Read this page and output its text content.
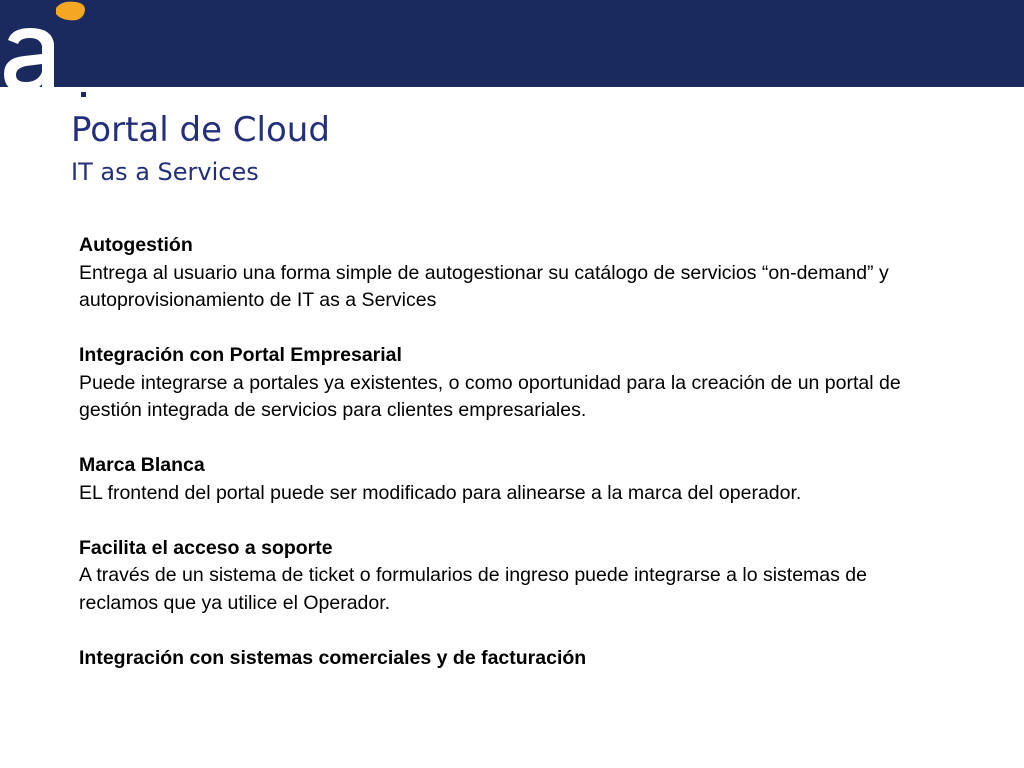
Portal de Cloud
IT as a Services
Autogestión
Entrega al usuario una forma simple de autogestionar su catálogo de servicios “on-demand” y autoprovisionamiento de IT as a Services
Integración con Portal Empresarial
Puede integrarse a portales ya existentes, o como oportunidad para la creación de un portal de gestión integrada de servicios para clientes empresariales.
Marca Blanca
EL frontend del portal puede ser modificado para alinearse a la marca del operador.
Facilita el acceso a soporte
A través de un sistema de ticket o formularios de ingreso puede integrarse a lo sistemas de reclamos que ya utilice el Operador.
Integración con sistemas comerciales y de facturación
